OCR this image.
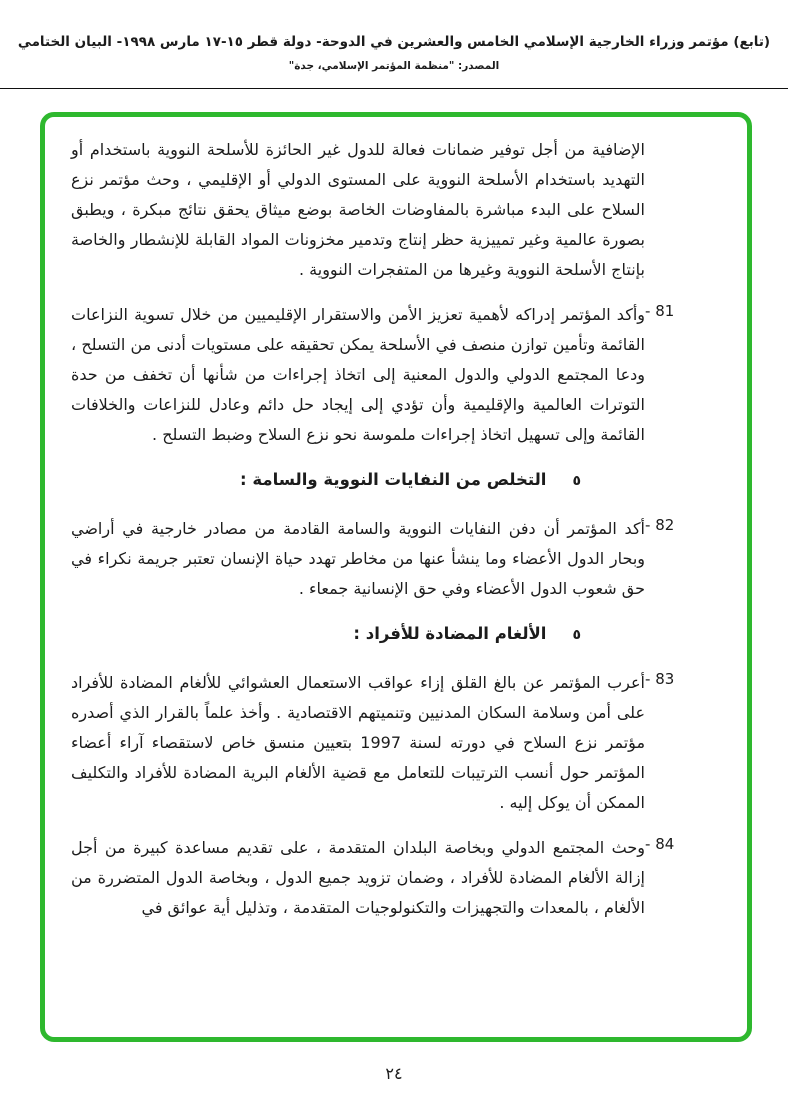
(تابع) مؤتمر وزراء الخارجية الإسلامي الخامس والعشرين في الدوحة- دولة قطر ١٥-١٧ مارس ١٩٩٨- البيان الختامي
المصدر: "منظمة المؤتمر الإسلامي، جدة"
الإضافية من أجل توفير ضمانات فعالة للدول غير الحائزة للأسلحة النووية باستخدام أو التهديد باستخدام الأسلحة النووية على المستوى الدولي أو الإقليمي ، وحث مؤتمر نزع السلاح على البدء مباشرة بالمفاوضات الخاصة بوضع ميثاق يحقق نتائج مبكرة ، ويطبق بصورة عالمية وغير تمييزية حظر إنتاج وتدمير مخزونات المواد القابلة للإنشطار والخاصة بإنتاج الأسلحة النووية وغيرها من المتفجرات النووية .
81 -
وأكد المؤتمر إدراكه لأهمية تعزيز الأمن والاستقرار الإقليميين من خلال تسوية النزاعات القائمة وتأمين توازن منصف في الأسلحة يمكن تحقيقه على مستويات أدنى من التسلح ، ودعا المجتمع الدولي والدول المعنية إلى اتخاذ إجراءات من شأنها أن تخفف من حدة التوترات العالمية والإقليمية وأن تؤدي إلى إيجاد حل دائم وعادل للنزاعات والخلافات القائمة وإلى تسهيل اتخاذ إجراءات ملموسة نحو نزع السلاح وضبط التسلح .
٥
التخلص من النفايات النووية والسامة :
82 -
أكد المؤتمر أن دفن النفايات النووية والسامة القادمة من مصادر خارجية في أراضي وبحار الدول الأعضاء وما ينشأ عنها من مخاطر تهدد حياة الإنسان تعتبر جريمة نكراء في حق شعوب الدول الأعضاء وفي حق الإنسانية جمعاء .
٥
الألغام المضادة للأفراد :
83 -
أعرب المؤتمر عن بالغ القلق إزاء عواقب الاستعمال العشوائي للألغام المضادة للأفراد على أمن وسلامة السكان المدنيين وتنميتهم الاقتصادية . وأخذ علماً بالقرار الذي أصدره مؤتمر نزع السلاح في دورته لسنة 1997 بتعيين منسق خاص لاستقصاء آراء أعضاء المؤتمر حول أنسب الترتيبات للتعامل مع قضية الألغام البرية المضادة للأفراد والتكليف الممكن أن يوكل إليه .
84 -
وحث المجتمع الدولي وبخاصة البلدان المتقدمة ، على تقديم مساعدة كبيرة من أجل إزالة الألغام المضادة للأفراد ، وضمان تزويد جميع الدول ، وبخاصة الدول المتضررة من الألغام ، بالمعدات والتجهيزات والتكنولوجيات المتقدمة ، وتذليل أية عوائق في
٢٤
